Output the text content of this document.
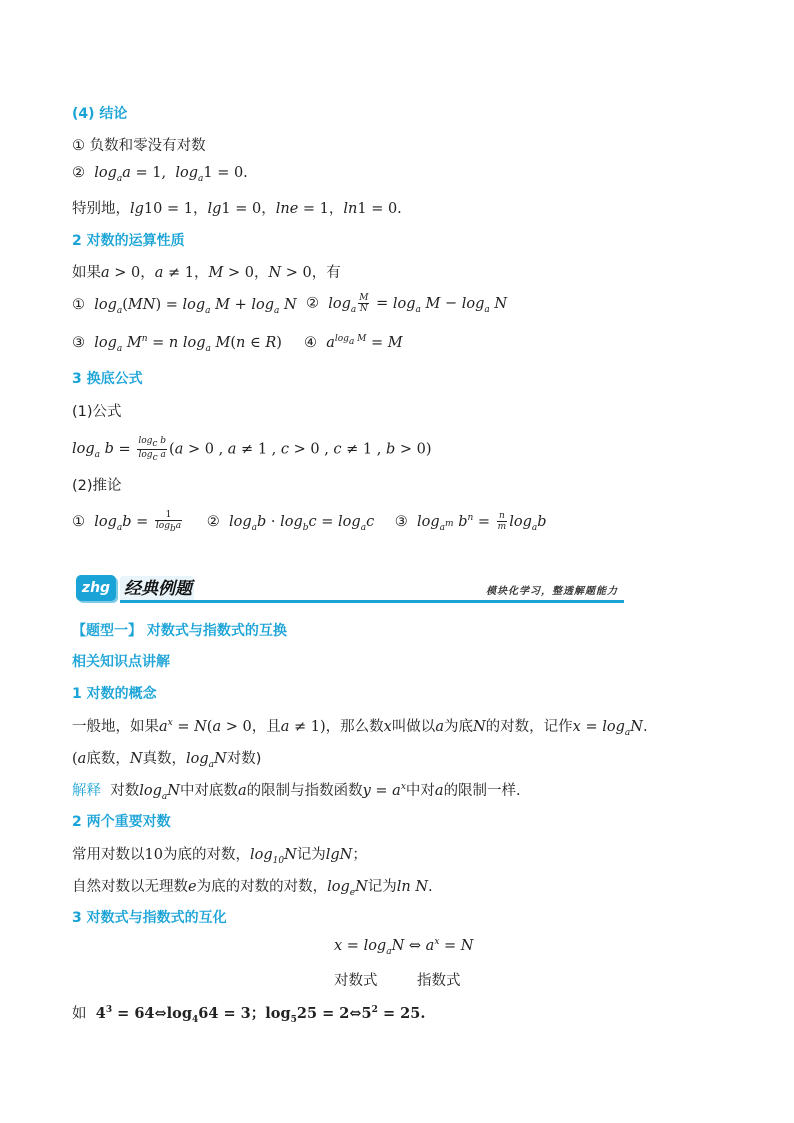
(4) 结论
① 负数和零没有对数
②  $\log_aa = 1$,  $\log_a1 = 0$.
特别地，lg10 = 1，lg1 = 0，lne = 1，ln1 = 0.
2 对数的运算性质
如果a > 0，a ≠ 1，M > 0，N > 0，有
①  $\log_a(MN) = \log_a M + \log_a N$ ②  $\log_a \frac{M}{N} = \log_a M - \log_a N$
③  $\log_a M^n = n$ $\log_a M(n$ ∈ R) ④  $a^{log_a M} = M$
3 换底公式
(1)公式
$\log_a b = \frac{\log_c b}{\log_c a} (a > 0$ , a ≠ 1 , c > 0 , c ≠ 1 , b > 0)
(2)推论
①  $\log_ab = \frac{1}{\log_ba}$ ②  $\log_ab \cdot \log_bc = \log_ac$ ③  $\log_{a^m} b^n = \frac{n}{m} \log_ab$
zhg 经典例题	模块化学习，整透解题能力
【题型一】 对数式与指数式的互换
相关知识点讲解
1 对数的概念
一般地，如果$a^x = N(a > 0$，且a ≠ 1)，那么数x叫做以a为底N的对数，记作$x = \log_aN$.
(a底数，N真数，$\log_aN$对数)
解释 对数$\log_aN$中对底数a的限制与指数函数$y = a^x$中对a的限制一样.
2 两个重要对数
常用对数以10为底的对数，$\log_{10}N$记为lgN；
自然对数以无理数e为底的对数的对数，$\log_eN$记为ln N.
3 对数式与指数式的互化
$x = \log_aN$ ⇔ $a^x = N$
对数式	指数式
如 $4^3$ = $64\Leftrightarrow\log_464 = 3$；$\log_525$ = $2\Leftrightarrow 5^2 = 25$.
